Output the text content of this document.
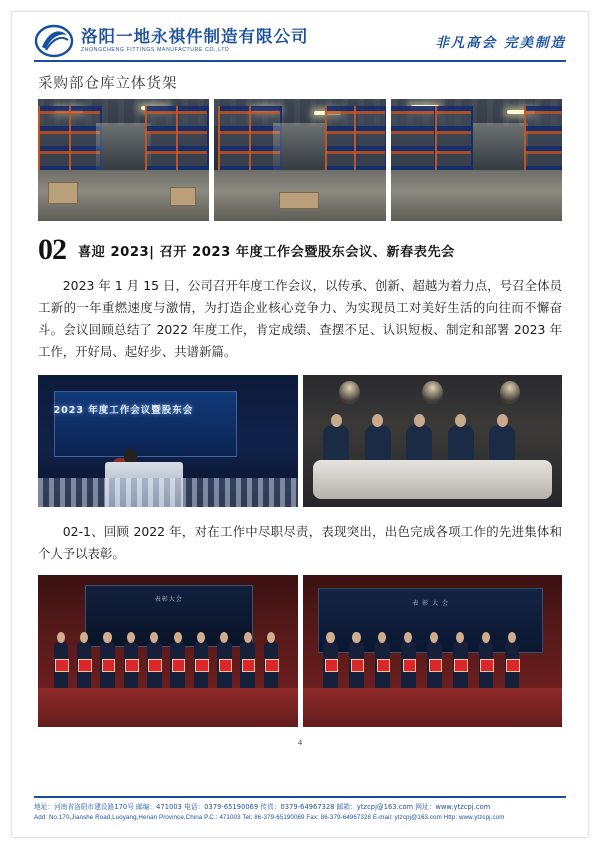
洛阳一地永祺件制造有限公司
ZHONGCHENG FITTINGS MANUFACTURE CO.,LTD	非凡高会 完美制造
采购部仓库立体货架
02 喜迎 2023| 召开 2023 年度工作会暨股东会议、新春表先会
2023 年 1 月 15 日，公司召开年度工作会议，以传承、创新、超越为着力点，号召全体员工新的一年重燃速度与激情，为打造企业核心竞争力、为实现员工对美好生活的向往而不懈奋斗。会议回顾总结了 2022 年度工作，肯定成绩、查摆不足、认识短板、制定和部署 2023 年工作，开好局、起好步、共谱新篇。
2023 年度工作会议暨股东会
02-1、回顾 2022 年，对在工作中尽职尽责，表现突出，出色完成各项工作的先进集体和个人予以表彰。
表彰大会	表 彰 大 会
4
地址：河南省洛阳市建设路170号 邮编：471003 电话：0379-65190069 传真：0379-64967328 邮箱：ytzcpj@163.com 网址：www.ytzcpj.com
Add: No.170,Jianshe Road,Luoyang,Henan Province,China P.C.: 471003 Tel: 86-379-65190069 Fax: 86-379-64967328 E-mail: ytzcpj@163.com Http: www.ytzcpj.com
